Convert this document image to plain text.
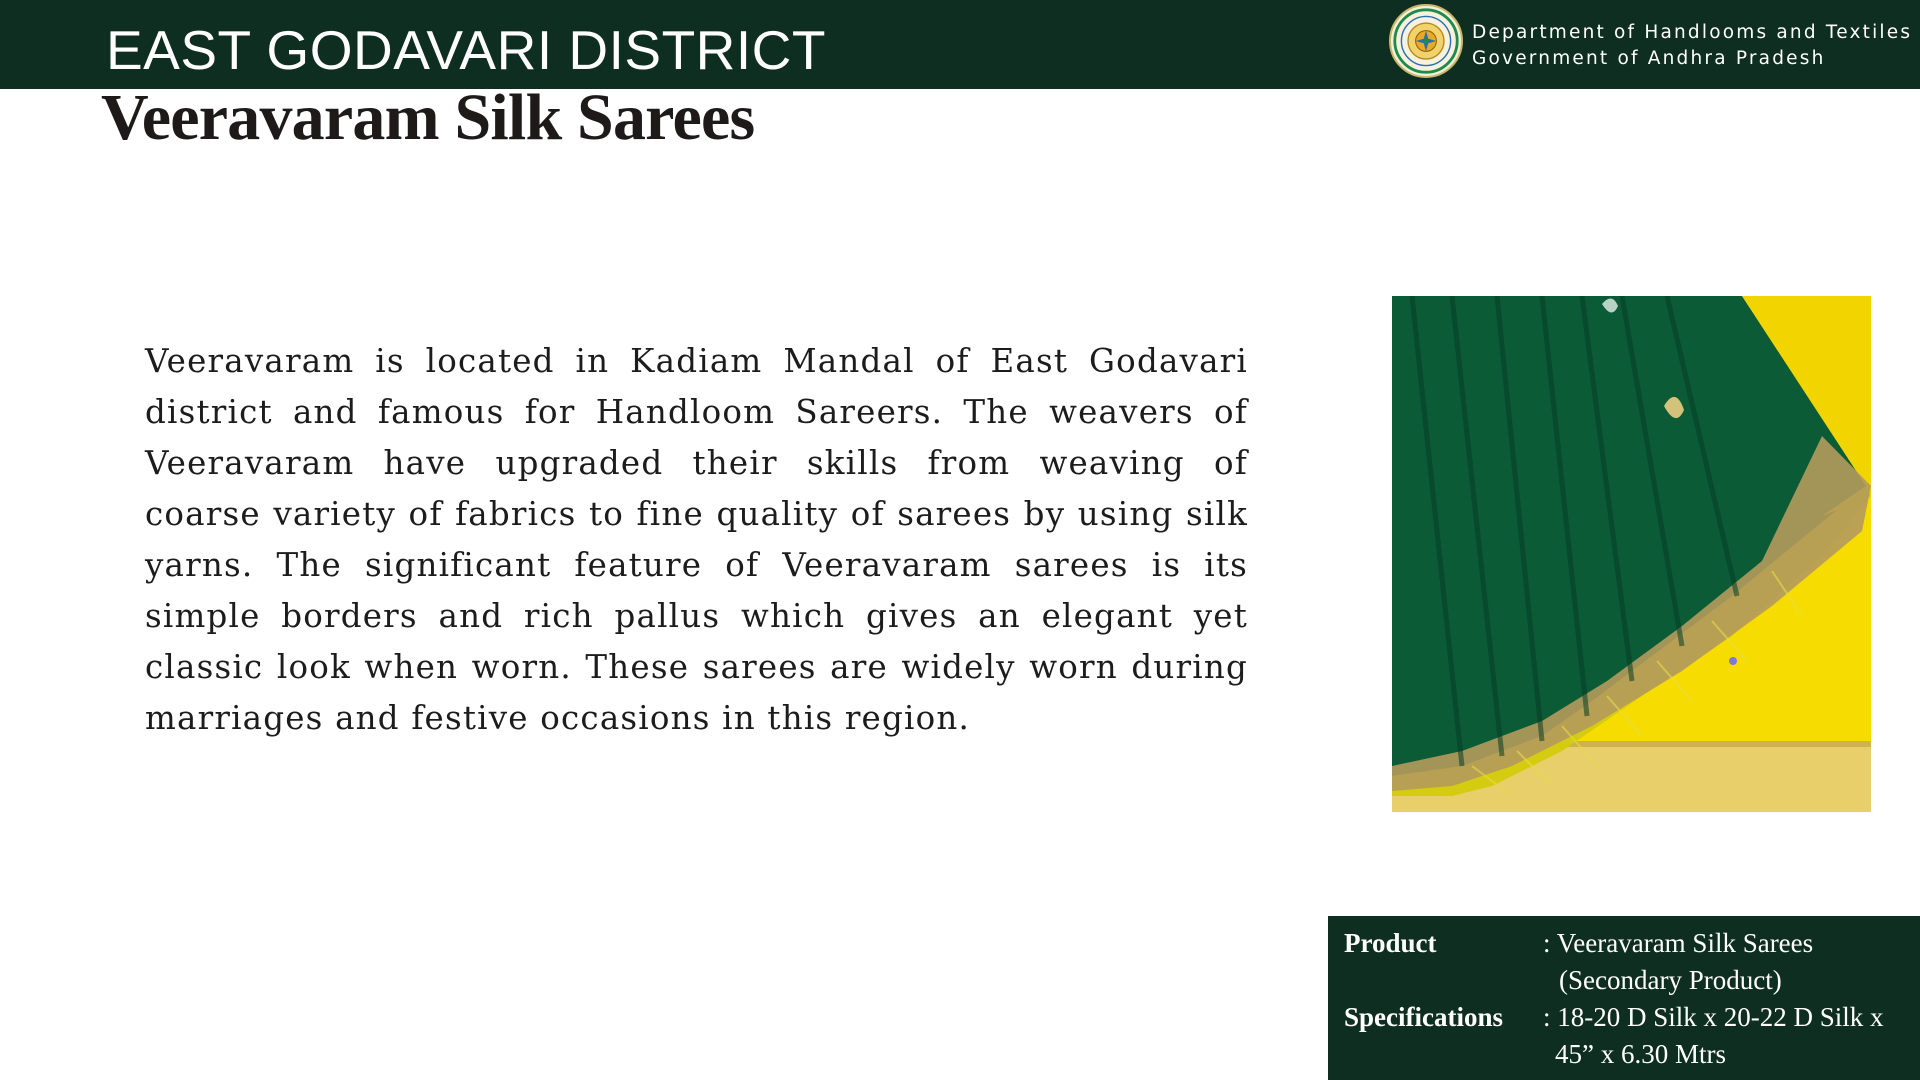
EAST GODAVARI DISTRICT	Department of Handlooms and Textiles
Government of Andhra Pradesh
Veeravaram Silk Sarees

Veeravaram is located in Kadiam Mandal of East Godavari district and famous for Handloom Sareers. The weavers of Veeravaram have upgraded their skills from weaving of coarse variety of fabrics to fine quality of sarees by using silk yarns. The significant feature of Veeravaram sarees is its simple borders and rich pallus which gives an elegant yet classic look when worn. These sarees are widely worn during marriages and festive occasions in this region.

Product	: Veeravaram Silk Sarees
(Secondary Product)
Specifications : 18-20 D Silk x 20-22 D Silk x
45” x 6.30 Mtrs
